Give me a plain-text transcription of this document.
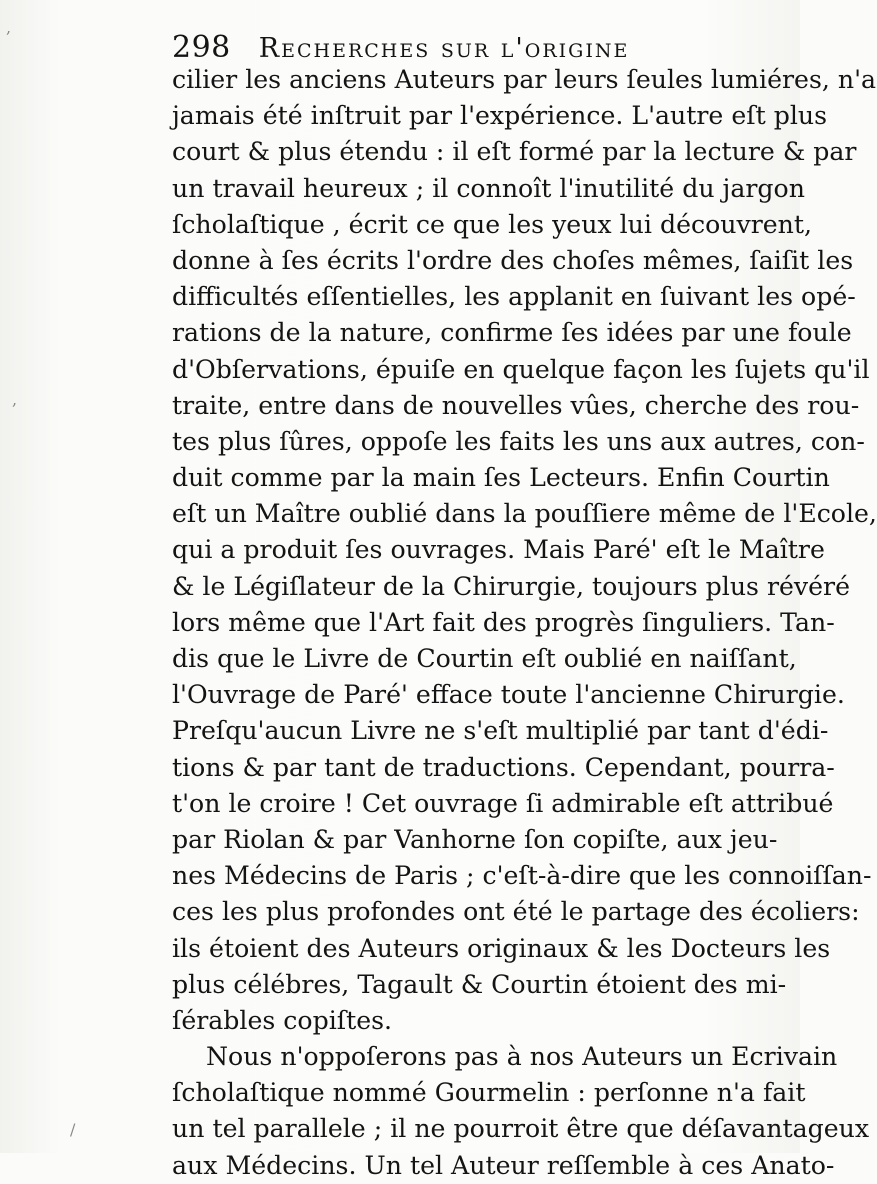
298 Recherches sur l'origine
cilier les anciens Auteurs par leurs ſeules lumiéres, n'a
jamais été inſtruit par l'expérience. L'autre eſt plus
court & plus étendu : il eſt formé par la lecture & par
un travail heureux ; il connoît l'inutilité du jargon
ſcholaſtique , écrit ce que les yeux lui découvrent,
donne à ſes écrits l'ordre des choſes mêmes, ſaiſit les
difficultés eſſentielles, les applanit en ſuivant les opé-
rations de la nature, confirme ſes idées par une foule
d'Obſervations, épuiſe en quelque façon les ſujets qu'il
traite, entre dans de nouvelles vûes, cherche des rou-
tes plus ſûres, oppoſe les faits les uns aux autres, con-
duit comme par la main ſes Lecteurs. Enfin Courtin
eſt un Maître oublié dans la pouſſiere même de l'Ecole,
qui a produit ſes ouvrages. Mais Paré' eſt le Maître
& le Légiſlateur de la Chirurgie, toujours plus révéré
lors même que l'Art fait des progrès ſinguliers. Tan-
dis que le Livre de Courtin eſt oublié en naiſſant,
l'Ouvrage de Paré' efface toute l'ancienne Chirurgie.
Preſqu'aucun Livre ne s'eſt multiplié par tant d'édi-
tions & par tant de traductions. Cependant, pourra-
t'on le croire ! Cet ouvrage ſi admirable eſt attribué
par Riolan & par Vanhorne ſon copiſte, aux jeu-
nes Médecins de Paris ; c'eſt-à-dire que les connoiſſan-
ces les plus profondes ont été le partage des écoliers:
ils étoient des Auteurs originaux & les Docteurs les
plus célébres, Tagault & Courtin étoient des mi-
ſérables copiſtes.
Nous n'oppoſerons pas à nos Auteurs un Ecrivain
ſcholaſtique nommé Gourmelin : perſonne n'a fait
un tel parallele ; il ne pourroit être que déſavantageux
aux Médecins. Un tel Auteur reſſemble à ces Anato-
,
,
/
